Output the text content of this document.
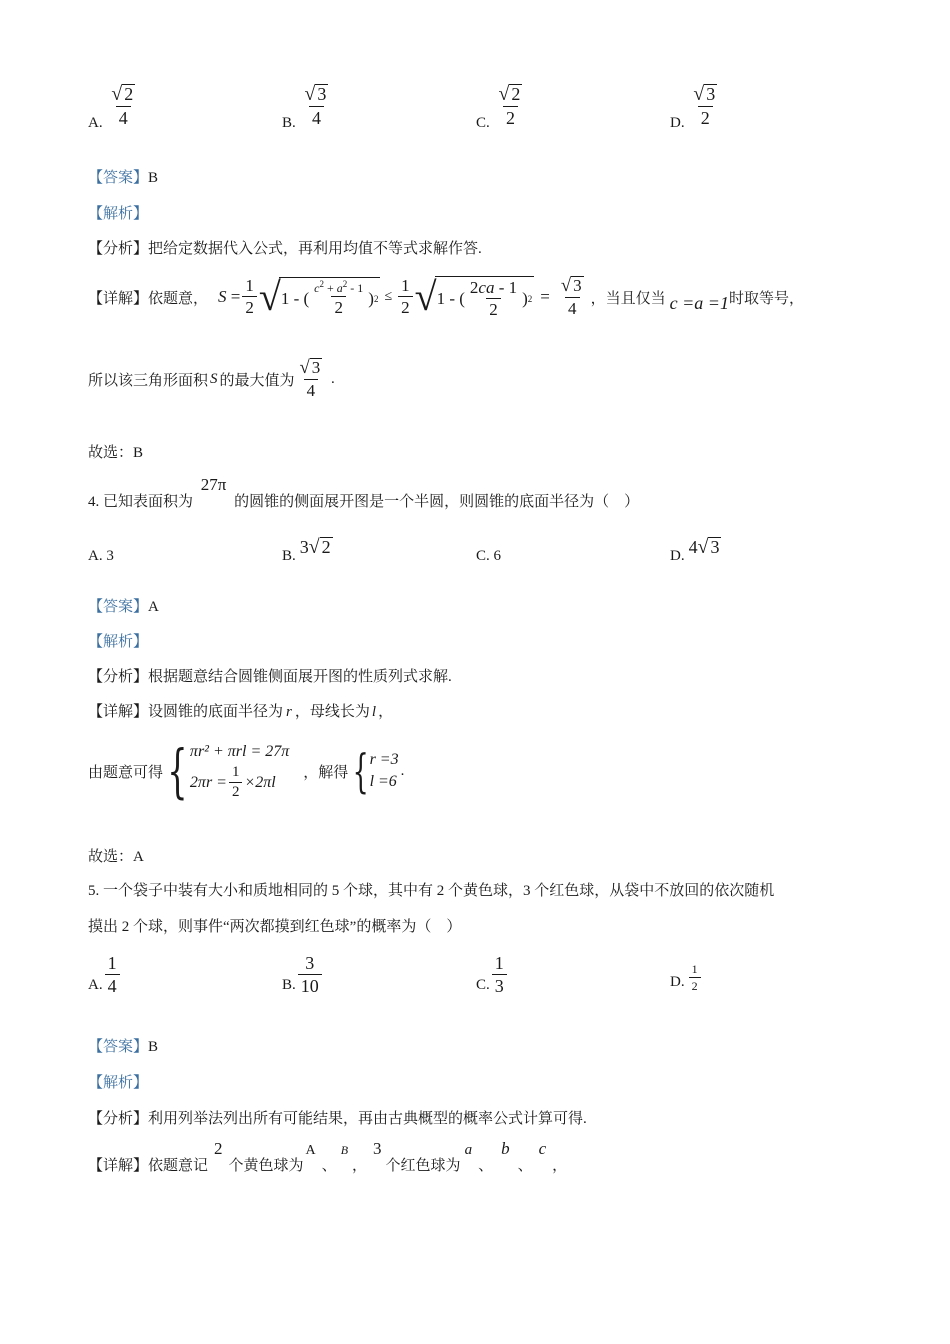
A. $\frac{√ 2}{4}$	B. $\frac{√ 3}{4}$	C. $\frac{√ 2}{2}$	D. $\frac{√ 3}{2}$
【答案】B
【解析】
【分析】把给定数据代入公式，再利用均值不等式求解作答.
【详解】 依题意， $S = \frac{1}{2}$ √ 1 - ( $\frac{c^2 + a^2 - 1}{2}$ ) $2 \le \frac{1}{2}$ √ 1 - ( $\frac{2ca - 1}{2}$ ) $2 = \frac{√ 3}{4}$ ，当且仅当 c =a =1 时取等号，
所以该三角形面积 S 的最大值为 $\frac{√ 3}{4}$ .
故选：B
4. 已知表面积为 27π 的圆锥的侧面展开图是一个半圆，则圆锥的底面半径为（　）
A. 3	B. 3 √ 2	C. 6	D. 4 √ 3
【答案】A
【解析】
【分析】根据题意结合圆锥侧面展开图的性质列式求解.
【详解】设圆锥的底面半径为 r ，母线长为 l ，
由题意可得 { πr² + πrl = 27π
$2\pi r = \frac{1}{2} \times 2\pi l$
，解得 { r =3
l =6
.
故选：A
5. 一个袋子中装有大小和质地相同的 5 个球，其中有 2 个黄色球，3 个红色球，从袋中不放回的依次随机
摸出 2 个球，则事件“两次都摸到红色球”的概率为（　）
A. $\frac{1}{4}$	B. $\frac{3}{10}$	C. $\frac{1}{3}$	D. $\frac{1}{2}$
【答案】B
【解析】
【分析】利用列举法列出所有可能结果，再由古典概型的概率公式计算可得.
【详解】依题意记2个黄色球为A、B，3个红色球为a、b、c，
